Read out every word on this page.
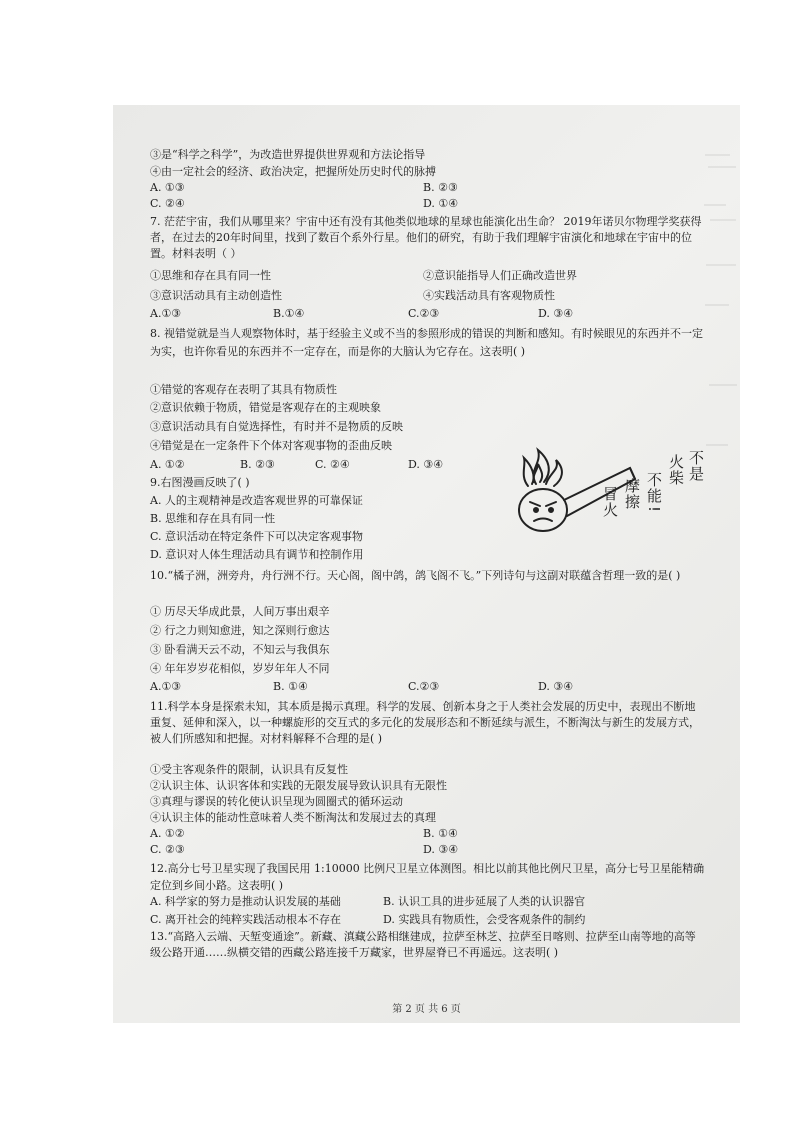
③是“科学之科学”，为改造世界提供世界观和方法论指导
④由一定社会的经济、政治决定，把握所处历史时代的脉搏
A. ①③	B. ②③
C. ②④	D. ①④
7. 茫茫宇宙，我们从哪里来？宇宙中还有没有其他类似地球的星球也能演化出生命？ 2019年诺贝尔物理学奖获得者，在过去的20年时间里，找到了数百个系外行星。他们的研究，有助于我们理解宇宙演化和地球在宇宙中的位置。材料表明（ ）
①思维和存在具有同一性	②意识能指导人们正确改造世界
③意识活动具有主动创造性	④实践活动具有客观物质性
A.①③	B.①④	C.②③	D. ③④
8. 视错觉就是当人观察物体时，基于经验主义或不当的参照形成的错误的判断和感知。有时候眼见的东西并不一定为实，也许你看见的东西并不一定存在，而是你的大脑认为它存在。这表明( )
①错觉的客观存在表明了其具有物质性
②意识依赖于物质，错觉是客观存在的主观映象
③意识活动具有自觉选择性，有时并不是物质的反映
④错觉是在一定条件下个体对客观事物的歪曲反映
A. ①②	B. ②③	C. ②④	D. ③④
9.右图漫画反映了( )
A. 人的主观精神是改造客观世界的可靠保证
B. 思维和存在具有同一性
C. 意识活动在特定条件下可以决定客观事物
D. 意识对人体生理活动具有调节和控制作用
不是
火柴
不能
摩擦
冒火 !
10.“橘子洲，洲旁舟，舟行洲不行。天心阁，阁中鸽，鸽飞阁不飞。”下列诗句与这副对联蕴含哲理一致的是( )
① 历尽天华成此景，人间万事出艰辛
② 行之力则知愈进，知之深则行愈达
③ 卧看满天云不动，不知云与我俱东
④ 年年岁岁花相似，岁岁年年人不同
A.①③	B. ①④	C.②③	D. ③④
11.科学本身是探索未知，其本质是揭示真理。科学的发展、创新本身之于人类社会发展的历史中，表现出不断地重复、延伸和深入，以一种螺旋形的交互式的多元化的发展形态和不断延续与派生，不断淘汰与新生的发展方式，被人们所感知和把握。对材料解释不合理的是( )
①受主客观条件的限制，认识具有反复性
②认识主体、认识客体和实践的无限发展导致认识具有无限性
③真理与谬误的转化使认识呈现为圆圈式的循环运动
④认识主体的能动性意味着人类不断淘汰和发展过去的真理
A. ①②	B. ①④
C. ②③	D. ③④
12.高分七号卫星实现了我国民用 1:10000 比例尺卫星立体测图。相比以前其他比例尺卫星，高分七号卫星能精确定位到乡间小路。这表明( )
A. 科学家的努力是推动认识发展的基础	B. 认识工具的进步延展了人类的认识器官
C. 离开社会的纯粹实践活动根本不存在	D. 实践具有物质性，会受客观条件的制约
13.“高路入云端、天堑变通途”。新藏、滇藏公路相继建成，拉萨至林芝、拉萨至日喀则、拉萨至山南等地的高等级公路开通……纵横交错的西藏公路连接千万藏家，世界屋脊已不再遥远。这表明( )
第 2 页 共 6 页
